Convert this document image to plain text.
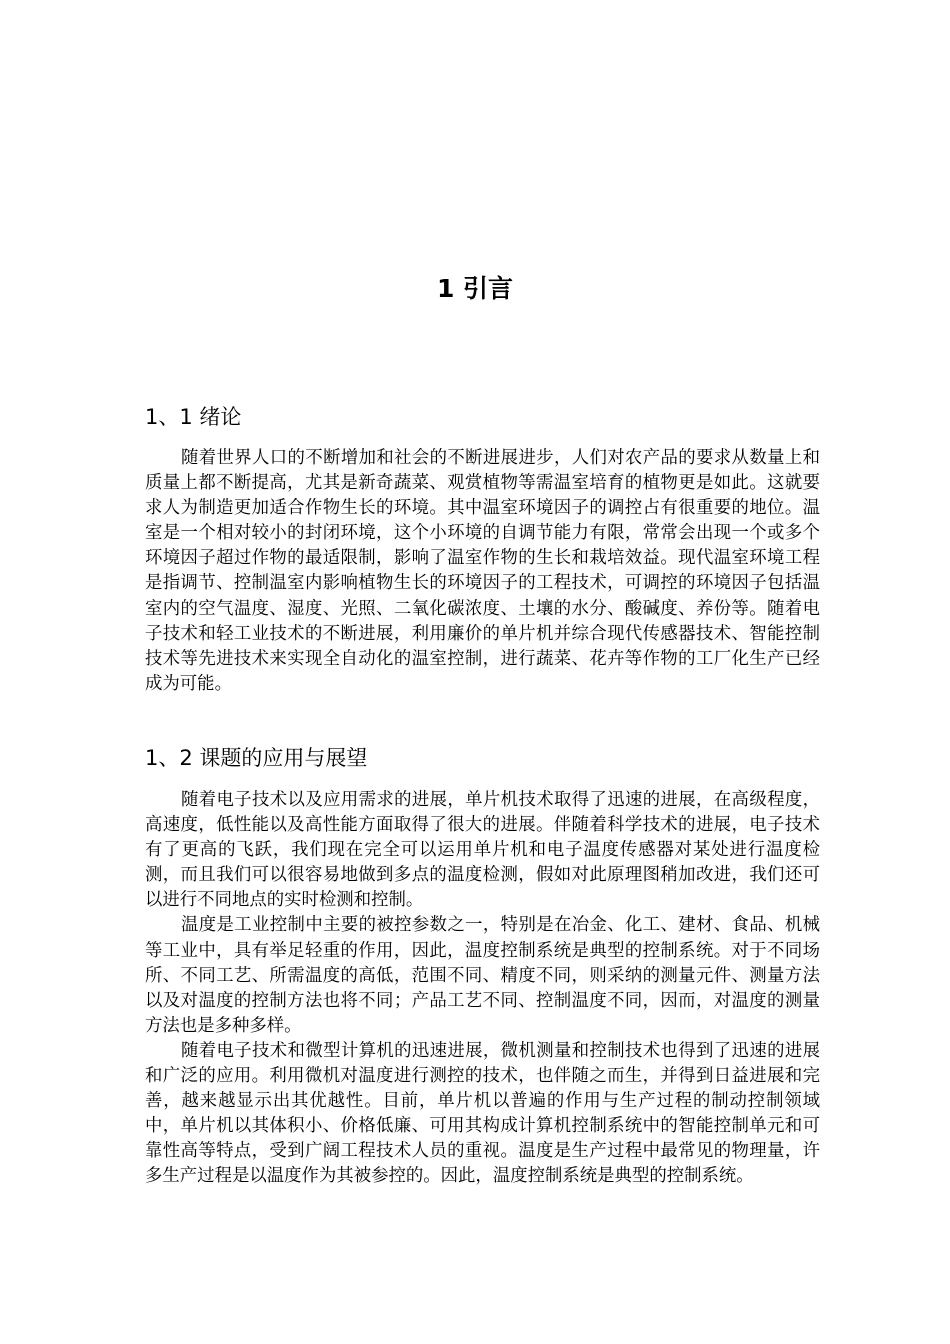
1 引言
1、1 绪论

随着世界人口的不断增加和社会的不断进展进步，人们对农产品的要求从数量上和质量上都不断提高，尤其是新奇蔬菜、观赏植物等需温室培育的植物更是如此。这就要求人为制造更加适合作物生长的环境。其中温室环境因子的调控占有很重要的地位。温室是一个相对较小的封闭环境，这个小环境的自调节能力有限，常常会出现一个或多个环境因子超过作物的最适限制，影响了温室作物的生长和栽培效益。现代温室环境工程是指调节、控制温室内影响植物生长的环境因子的工程技术，可调控的环境因子包括温室内的空气温度、湿度、光照、二氧化碳浓度、土壤的水分、酸碱度、养份等。随着电子技术和轻工业技术的不断进展，利用廉价的单片机并综合现代传感器技术、智能控制技术等先进技术来实现全自动化的温室控制，进行蔬菜、花卉等作物的工厂化生产已经成为可能。

1、2 课题的应用与展望

随着电子技术以及应用需求的进展，单片机技术取得了迅速的进展，在高级程度，高速度，低性能以及高性能方面取得了很大的进展。伴随着科学技术的进展，电子技术有了更高的飞跃，我们现在完全可以运用单片机和电子温度传感器对某处进行温度检测，而且我们可以很容易地做到多点的温度检测，假如对此原理图稍加改进，我们还可以进行不同地点的实时检测和控制。

温度是工业控制中主要的被控参数之一，特别是在冶金、化工、建材、食品、机械等工业中，具有举足轻重的作用，因此，温度控制系统是典型的控制系统。对于不同场所、不同工艺、所需温度的高低，范围不同、精度不同，则采纳的测量元件、测量方法以及对温度的控制方法也将不同；产品工艺不同、控制温度不同，因而，对温度的测量方法也是多种多样。

随着电子技术和微型计算机的迅速进展，微机测量和控制技术也得到了迅速的进展和广泛的应用。利用微机对温度进行测控的技术，也伴随之而生，并得到日益进展和完善，越来越显示出其优越性。目前，单片机以普遍的作用与生产过程的制动控制领域中，单片机以其体积小、价格低廉、可用其构成计算机控制系统中的智能控制单元和可靠性高等特点，受到广阔工程技术人员的重视。温度是生产过程中最常见的物理量，许多生产过程是以温度作为其被参控的。因此，温度控制系统是典型的控制系统。
